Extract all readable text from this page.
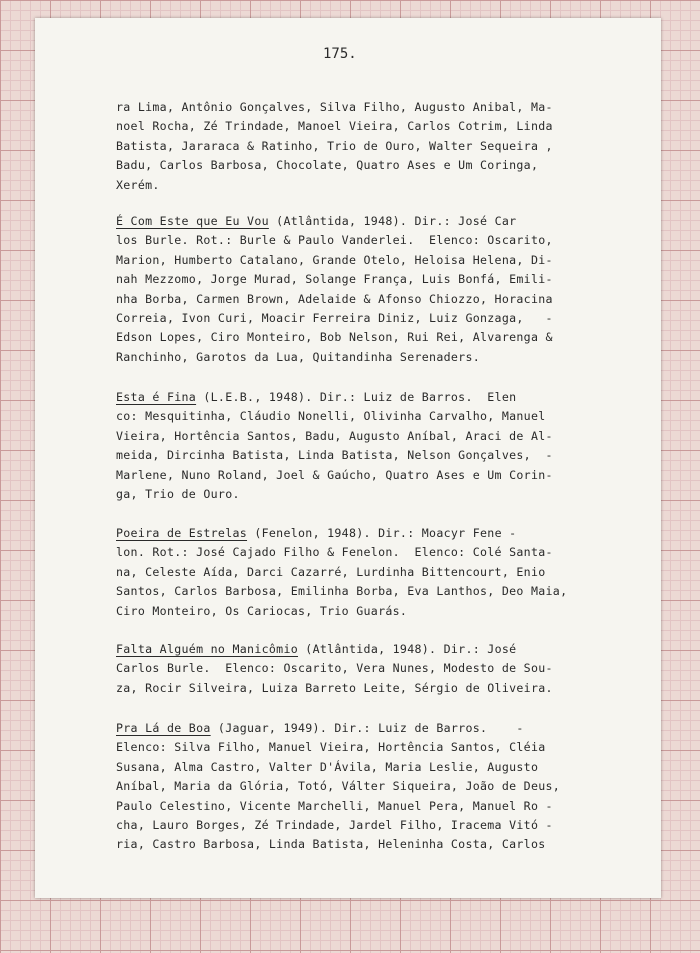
175.
ra Lima, Antônio Gonçalves, Silva Filho, Augusto Anibal, Ma-
noel Rocha, Zé Trindade, Manoel Vieira, Carlos Cotrim, Linda
Batista, Jararaca & Ratinho, Trio de Ouro, Walter Sequeira ,
Badu, Carlos Barbosa, Chocolate, Quatro Ases e Um Coringa,
Xerém.
É Com Este que Eu Vou (Atlântida, 1948). Dir.: José Car
los Burle. Rot.: Burle & Paulo Vanderlei.  Elenco: Oscarito,
Marion, Humberto Catalano, Grande Otelo, Heloisa Helena, Di-
nah Mezzomo, Jorge Murad, Solange França, Luis Bonfá, Emili-
nha Borba, Carmen Brown, Adelaide & Afonso Chiozzo, Horacina
Correia, Ivon Curi, Moacir Ferreira Diniz, Luiz Gonzaga,   -
Edson Lopes, Ciro Monteiro, Bob Nelson, Rui Rei, Alvarenga &
Ranchinho, Garotos da Lua, Quitandinha Serenaders.
Esta é Fina (L.E.B., 1948). Dir.: Luiz de Barros.  Elen
co: Mesquitinha, Cláudio Nonelli, Olivinha Carvalho, Manuel
Vieira, Hortência Santos, Badu, Augusto Aníbal, Araci de Al-
meida, Dircinha Batista, Linda Batista, Nelson Gonçalves,  -
Marlene, Nuno Roland, Joel & Gaúcho, Quatro Ases e Um Corin-
ga, Trio de Ouro.
Poeira de Estrelas (Fenelon, 1948). Dir.: Moacyr Fene -
lon. Rot.: José Cajado Filho & Fenelon.  Elenco: Colé Santa-
na, Celeste Aída, Darci Cazarré, Lurdinha Bittencourt, Enio
Santos, Carlos Barbosa, Emilinha Borba, Eva Lanthos, Deo Maia,
Ciro Monteiro, Os Cariocas, Trio Guarás.
Falta Alguém no Manicômio (Atlântida, 1948). Dir.: José
Carlos Burle.  Elenco: Oscarito, Vera Nunes, Modesto de Sou-
za, Rocir Silveira, Luiza Barreto Leite, Sérgio de Oliveira.
Pra Lá de Boa (Jaguar, 1949). Dir.: Luiz de Barros.    -
Elenco: Silva Filho, Manuel Vieira, Hortência Santos, Cléia
Susana, Alma Castro, Valter D'Ávila, Maria Leslie, Augusto
Aníbal, Maria da Glória, Totó, Válter Siqueira, João de Deus,
Paulo Celestino, Vicente Marchelli, Manuel Pera, Manuel Ro -
cha, Lauro Borges, Zé Trindade, Jardel Filho, Iracema Vitó -
ria, Castro Barbosa, Linda Batista, Heleninha Costa, Carlos
